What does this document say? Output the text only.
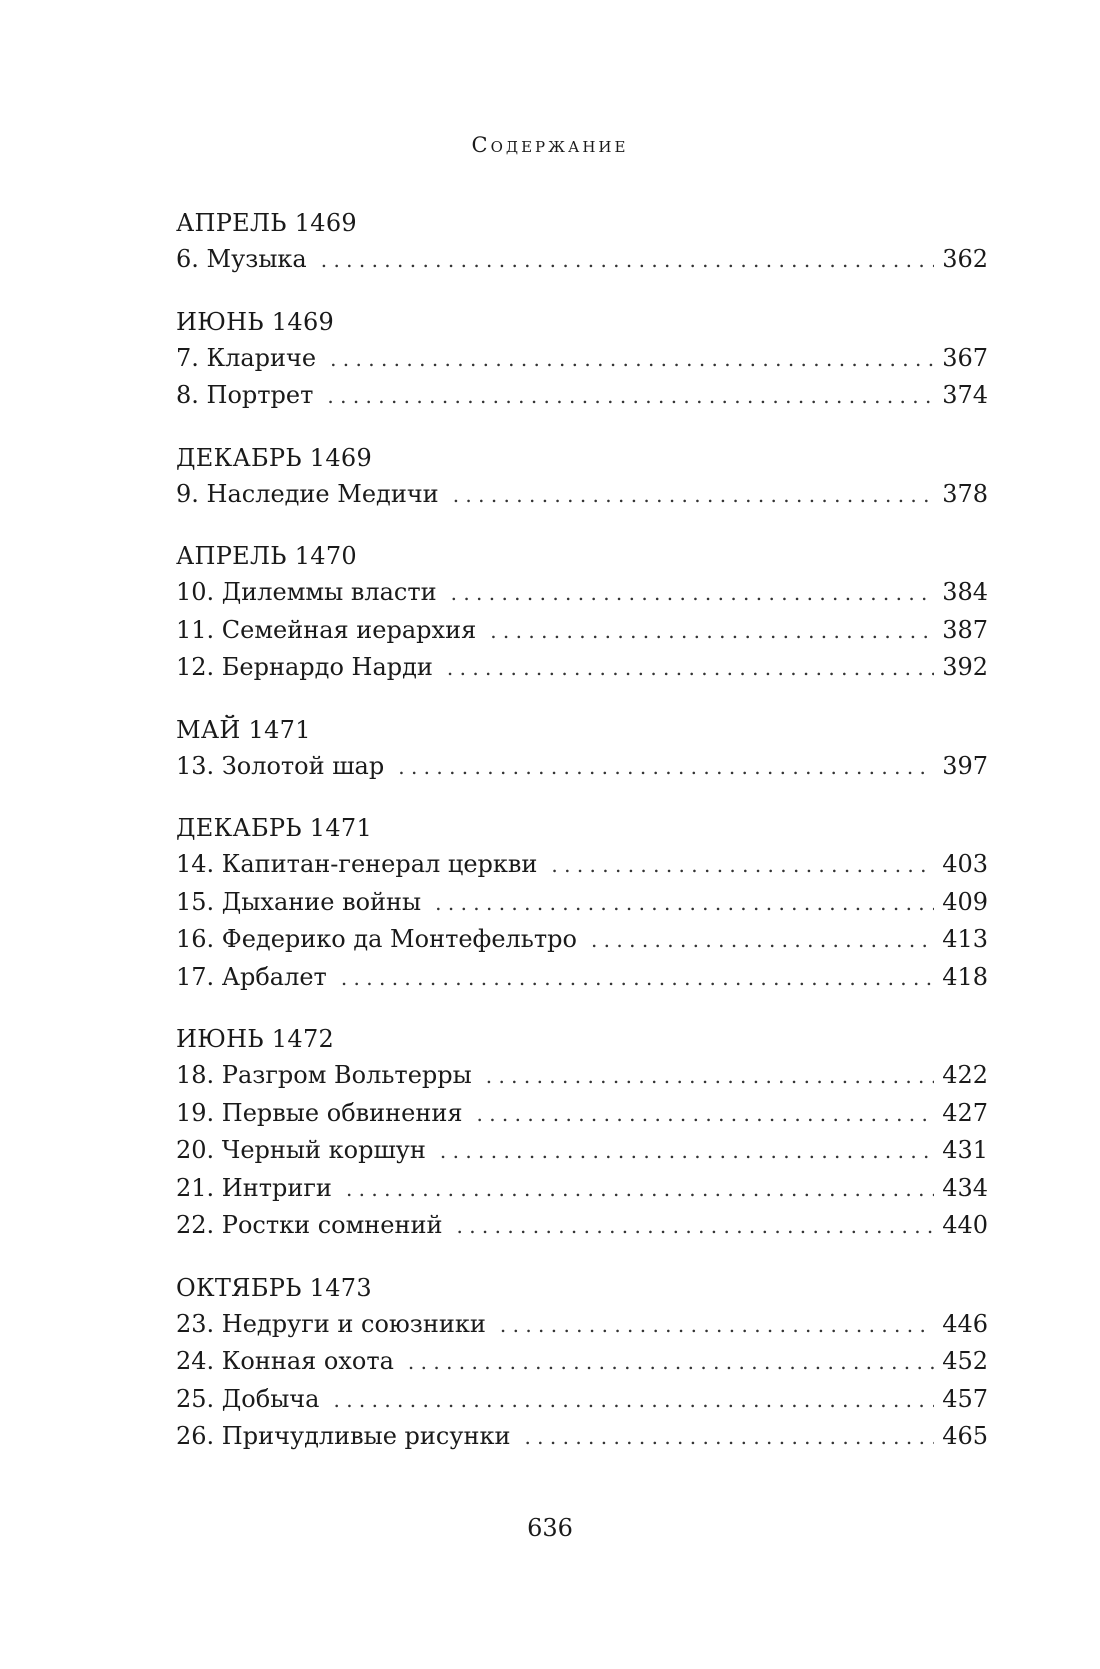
Содержание
АПРЕЛЬ 1469
6. Музыка . . .	362
ИЮНЬ 1469
7. Клариче . . .	367
8. Портрет . . .	374
ДЕКАБРЬ 1469
9. Наследие Медичи . . .	378
АПРЕЛЬ 1470
10. Дилеммы власти . . .	384
11. Семейная иерархия . . .	387
12. Бернардо Нарди . . .	392
МАЙ 1471
13. Золотой шар . . .	397
ДЕКАБРЬ 1471
14. Капитан-генерал церкви . . .	403
15. Дыхание войны . . .	409
16. Федерико да Монтефельтро . . .	413
17. Арбалет . . .	418
ИЮНЬ 1472
18. Разгром Вольтерры . . .	422
19. Первые обвинения . . .	427
20. Черный коршун . . .	431
21. Интриги . . .	434
22. Ростки сомнений . . .	440
ОКТЯБРЬ 1473
23. Недруги и союзники . . .	446
24. Конная охота . . .	452
25. Добыча . . .	457
26. Причудливые рисунки . . .	465
636
